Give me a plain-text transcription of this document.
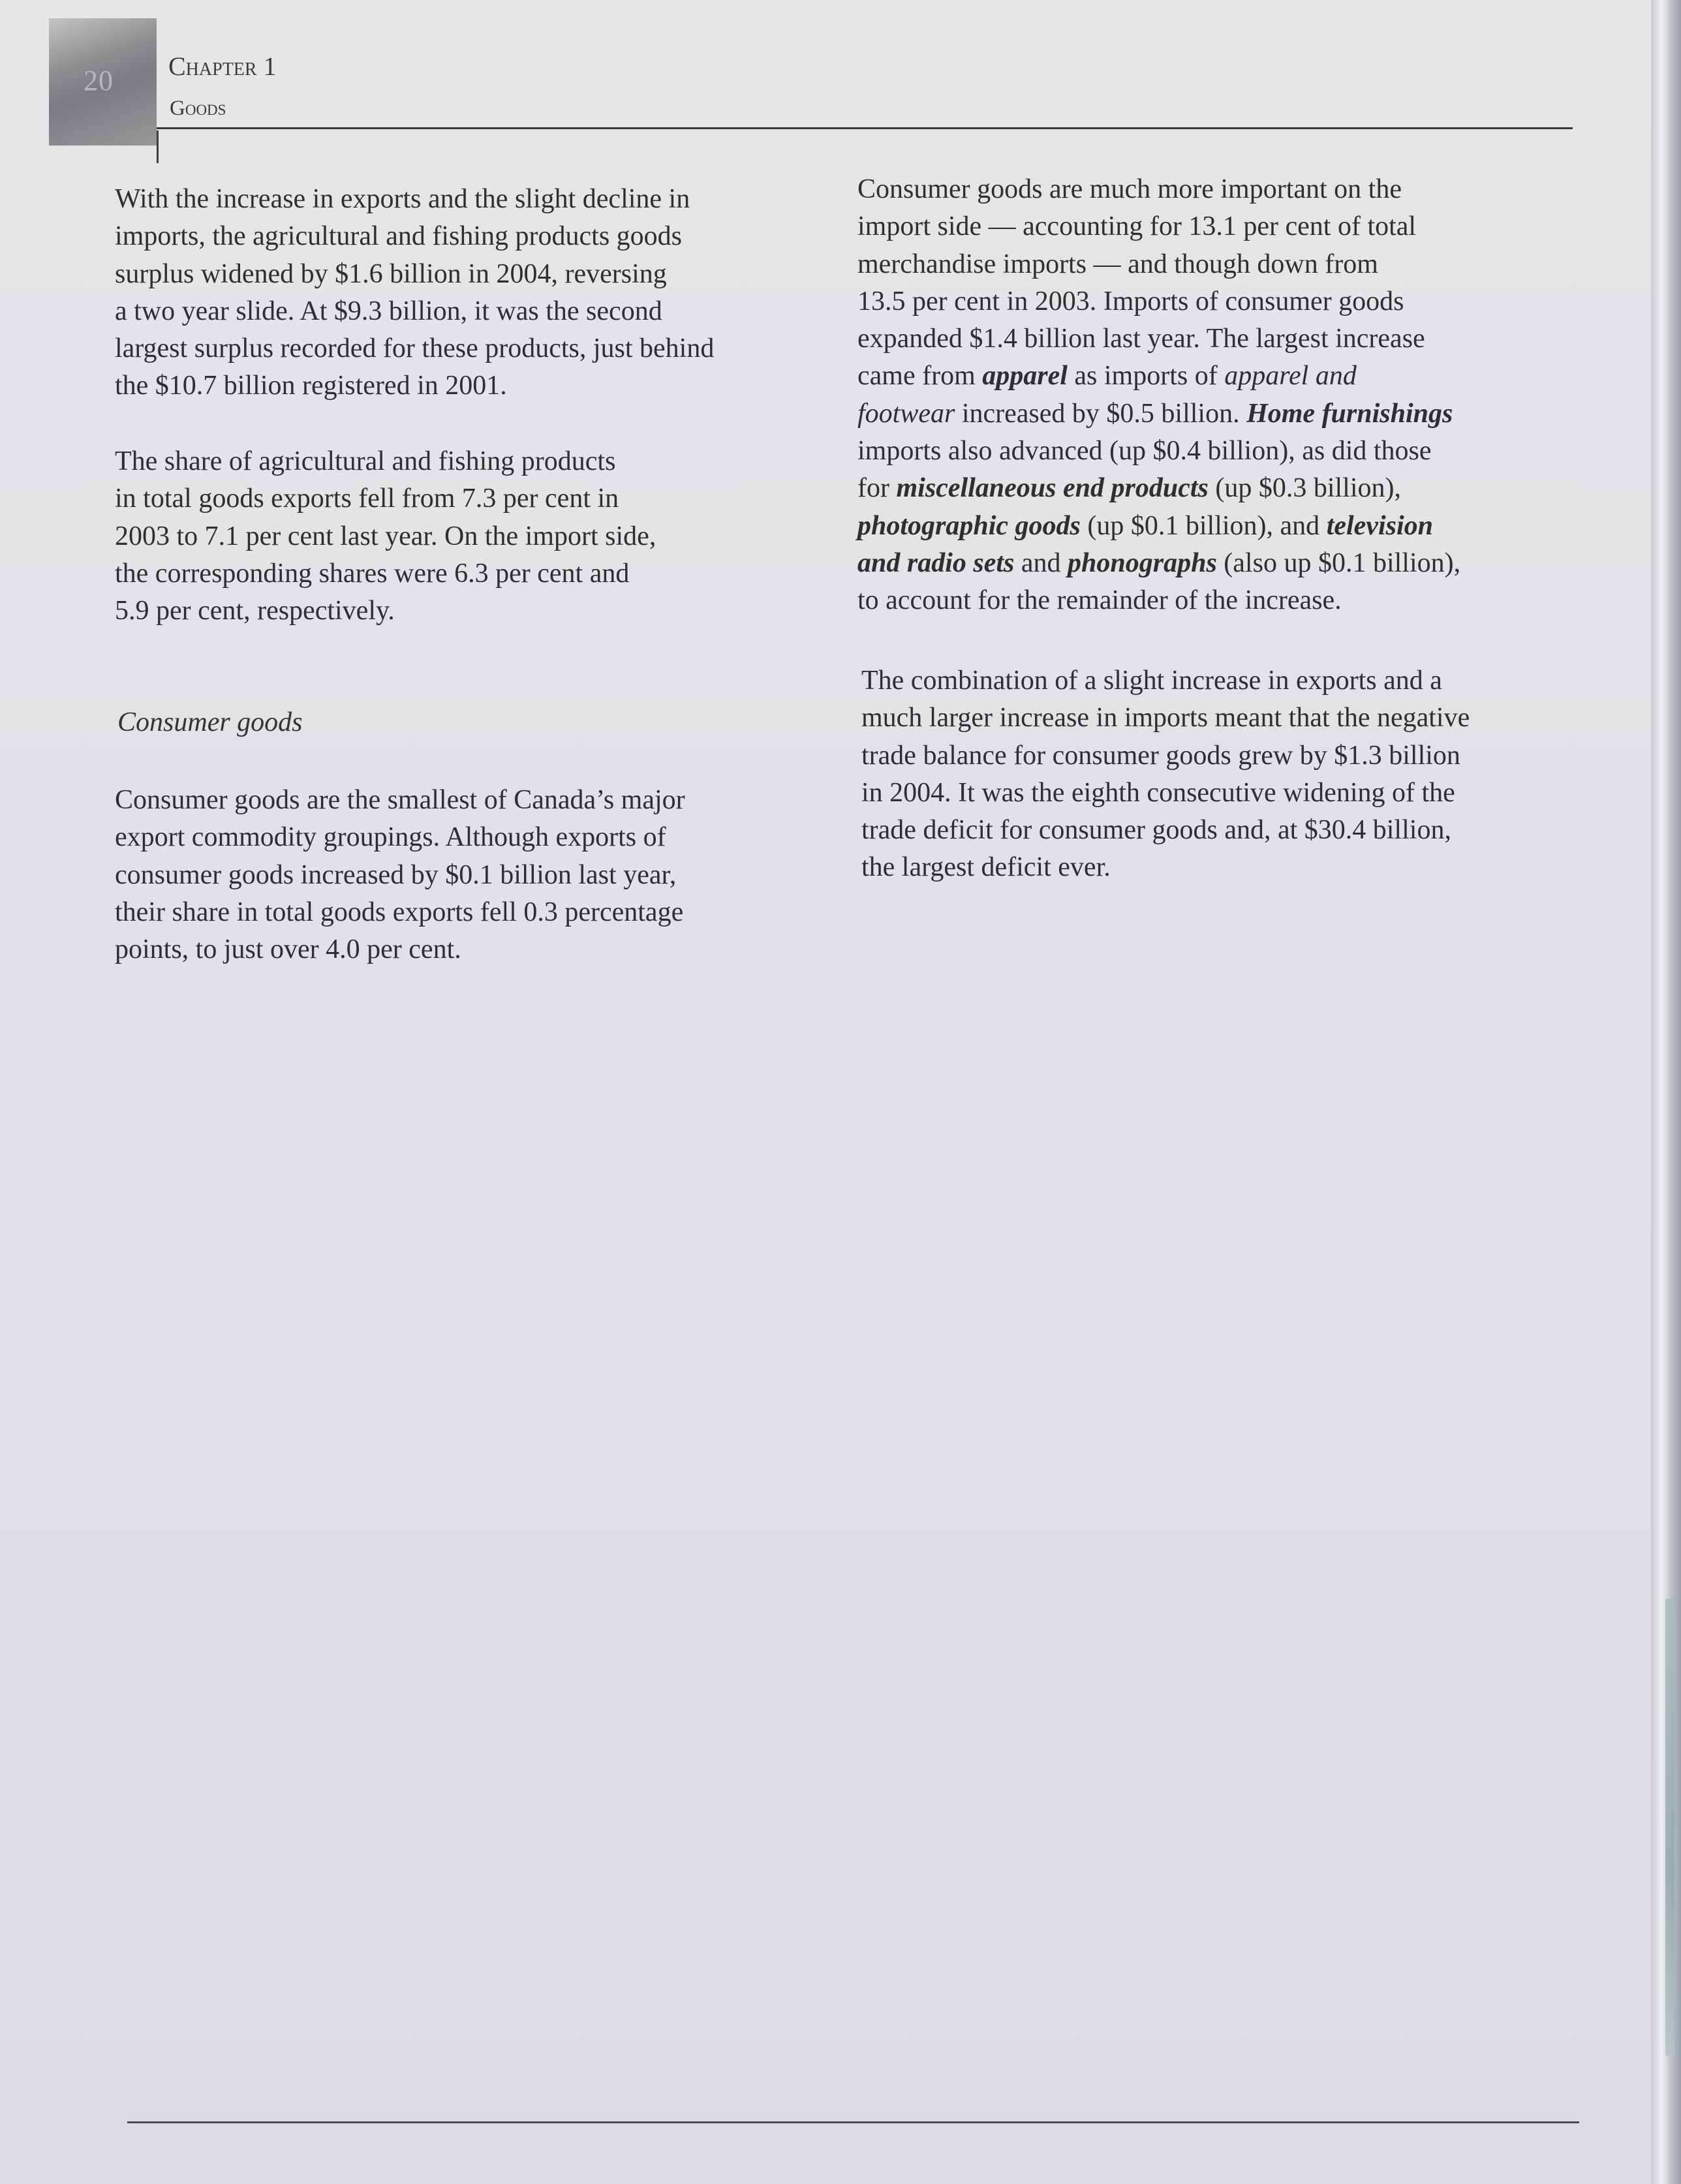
20 Chapter 1
Goods

With the increase in exports and the slight decline in

imports, the agricultural and fishing products goods

surplus widened by $1.6 billion in 2004, reversing

a two year slide. At $9.3 billion, it was the second

largest surplus recorded for these products, just behind

the $10.7 billion registered in 2001.

The share of agricultural and fishing products

in total goods exports fell from 7.3 per cent in

2003 to 7.1 per cent last year. On the import side,

the corresponding shares were 6.3 per cent and

5.9 per cent, respectively.

Consumer goods

Consumer goods are the smallest of Canada’s major

export commodity groupings. Although exports of

consumer goods increased by $0.1 billion last year,

their share in total goods exports fell 0.3 percentage

points, to just over 4.0 per cent.

Consumer goods are much more important on the

import side — accounting for 13.1 per cent of total

merchandise imports — and though down from

13.5 per cent in 2003. Imports of consumer goods

expanded $1.4 billion last year. The largest increase

came from apparel as imports of apparel and

footwear increased by $0.5 billion. Home furnishings

imports also advanced (up $0.4 billion), as did those

for miscellaneous end products (up $0.3 billion),

photographic goods (up $0.1 billion), and television

and radio sets and phonographs (also up $0.1 billion),

to account for the remainder of the increase.

The combination of a slight increase in exports and a

much larger increase in imports meant that the negative

trade balance for consumer goods grew by $1.3 billion

in 2004. It was the eighth consecutive widening of the

trade deficit for consumer goods and, at $30.4 billion,

the largest deficit ever.
